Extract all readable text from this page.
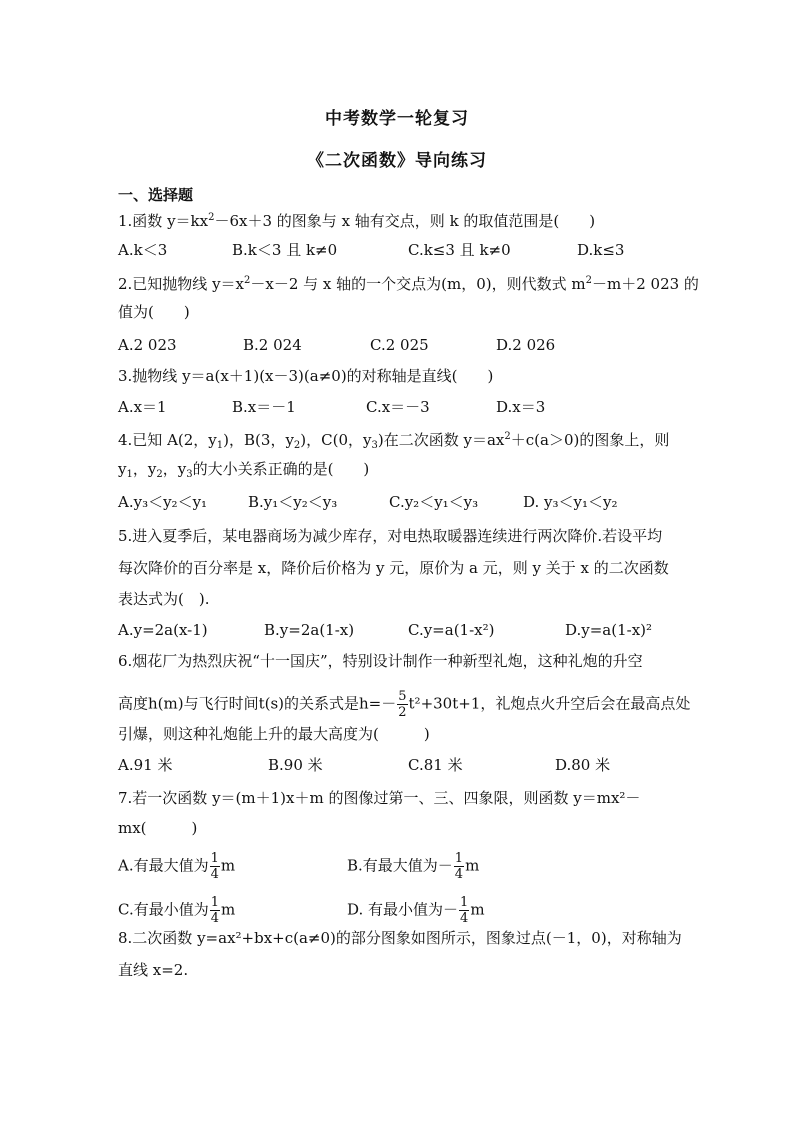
中考数学一轮复习
《二次函数》导向练习
一、选择题
1.函数 $y=kx^2-6x+3$ 的图象与 x 轴有交点，则 k 的取值范围是(　　)
A.k＜3	B.k＜3 且 k≠0	C.k≤3 且 k≠0	D.k≤3
2.已知抛物线 $y=x^2-x-2$ 与 x 轴的一个交点为(m，0)，则代数式 $m^2-m+2$ 023 的
值为(　　)
A.2 023	B.2 024	C.2 025	D.2 026
3.抛物线 y＝a(x＋1)(x－3)(a≠0)的对称轴是直线(　　)
A.x＝1	B.x＝－1	C.x＝－3	D.x＝3
4.已知 A(2，$y_1$)，B(3，$y_2$)，C(0，$y_3$)在二次函数 $y=ax^2+c(a>0)$的图象上，则
$y_1$，$y_2$，$y_3$的大小关系正确的是(　　)
A.y₃＜y₂＜y₁	B.y₁＜y₂＜y₃	C.y₂＜y₁＜y₃	D. y₃＜y₁＜y₂
5.进入夏季后，某电器商场为减少库存，对电热取暖器连续进行两次降价.若设平均
每次降价的百分率是 x，降价后价格为 y 元，原价为 a 元，则 y 关于 x 的二次函数
表达式为(　).
A.y=2a(x-1)	B.y=2a(1-x)	C.y=a(1-x²)	D.y=a(1-x)²
6.烟花厂为热烈庆祝“十一国庆”，特别设计制作一种新型礼炮，这种礼炮的升空
高度h(m)与飞行时间t(s)的关系式是$h=- \frac{5}{2} t^2+30t+1$，礼炮点火升空后会在最高点处
引爆，则这种礼炮能上升的最大高度为(　　　)
A.91 米	B.90 米	C.81 米	D.80 米
7.若一次函数 y＝(m＋1)x＋m 的图像过第一、三、四象限，则函数 y＝mx²－
mx(　　　)
A.有最大值为 $\frac{1}{4}$ m	B.有最大值为－ $\frac{1}{4}$ m
C.有最小值为 $\frac{1}{4}$ m	D. 有最小值为－ $\frac{1}{4}$ m
8.二次函数 y=ax²+bx+c(a≠0)的部分图象如图所示，图象过点(－1，0)，对称轴为
直线 x=2.
